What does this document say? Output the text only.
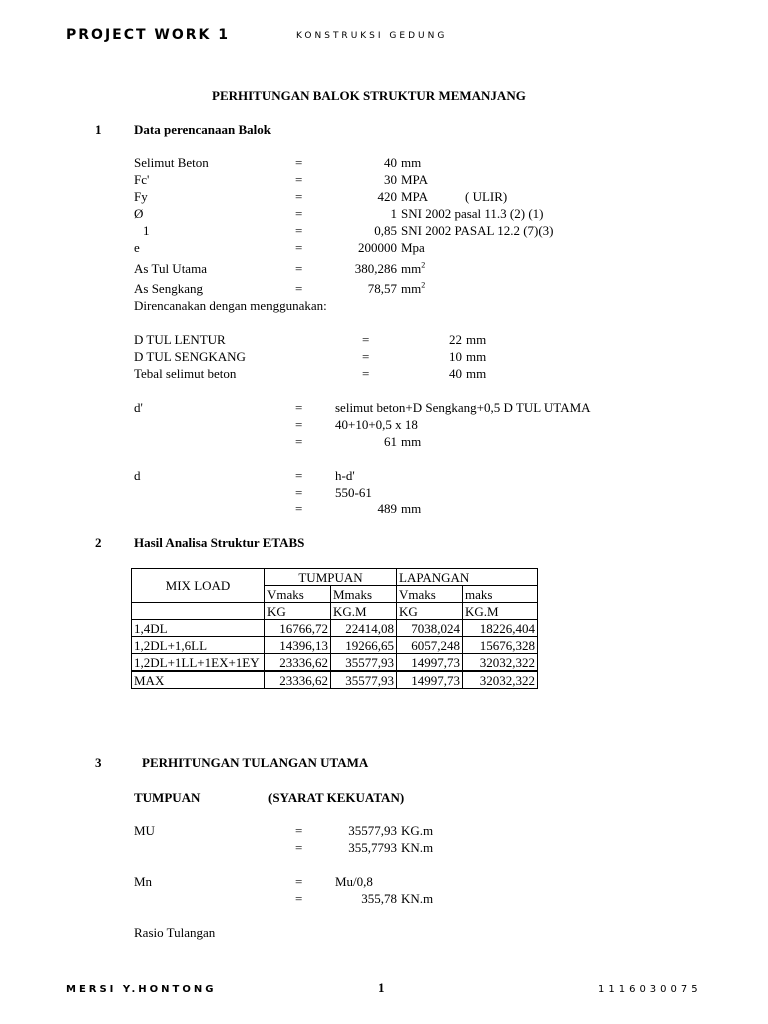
PROJECT WORK 1	KONSTRUKSI GEDUNG
PERHITUNGAN BALOK STRUKTUR MEMANJANG
1	Data perencanaan Balok
Selimut Beton	=	40 mm
Fc'	=	30 MPA
Fy	=	420 MPA	( ULIR)
Ø	=	1 SNI 2002 pasal 11.3 (2) (1)
1	=	0,85 SNI 2002 PASAL 12.2 (7)(3)
e	=	200000 Mpa
As Tul Utama	=	380,286 $mm^2$
As Sengkang	=	78,57 $mm^2$
Direncanakan dengan menggunakan:
D TUL LENTUR	=	22 mm
D TUL SENGKANG	=	10 mm
Tebal selimut beton	=	40 mm
d'	=	selimut beton+D Sengkang+0,5 D TUL UTAMA
=	40+10+0,5 x 18
=	61 mm
d	=	h-d'
=	550-61
=	489 mm
2	Hasil Analisa Struktur ETABS
MIX LOAD	TUMPUAN		LAPANGAN	
	Vmaks	Mmaks	Vmaks	maks
	KG	KG.M	KG	KG.M
1,4DL	16766,72	22414,08	7038,024	18226,404
1,2DL+1,6LL	14396,13	19266,65	6057,248	15676,328
1,2DL+1LL+1EX+1EY	23336,62	35577,93	14997,73	32032,322
MAX	23336,62	35577,93	14997,73	32032,322
3	PERHITUNGAN TULANGAN UTAMA
TUMPUAN	(SYARAT KEKUATAN)
MU	=	35577,93 KG.m
=	355,7793 KN.m
Mn	=	Mu/0,8
=	355,78 KN.m
Rasio Tulangan
MERSI Y.HONTONG	1	1116030075
